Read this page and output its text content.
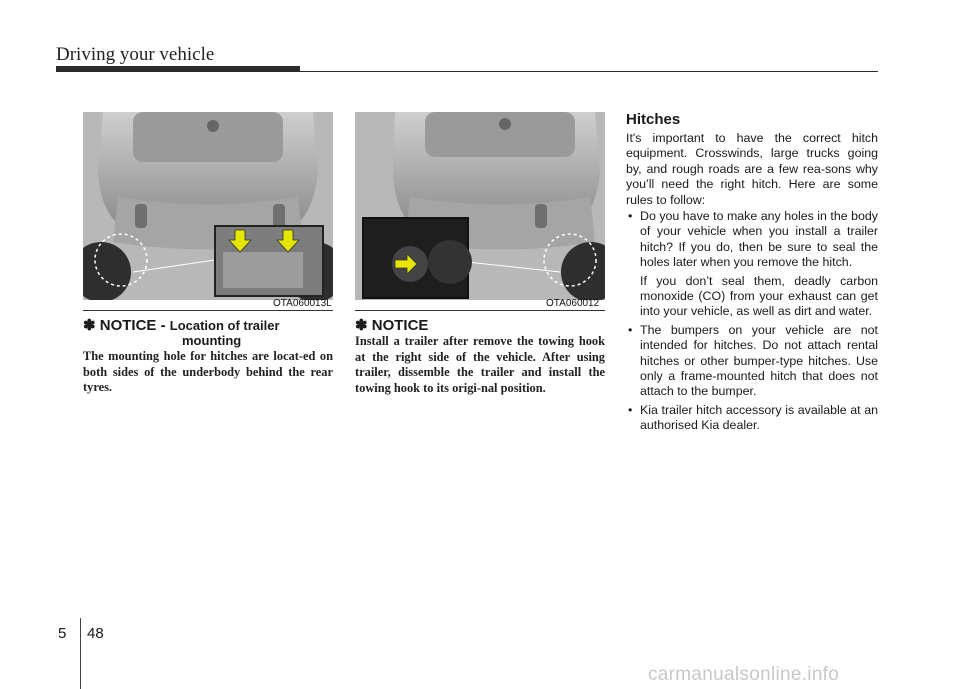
Driving your vehicle
OTA060013L	OTA060012
✽ NOTICE - Location of trailer
mounting
The mounting hole for hitches are locat-ed on both sides of the underbody behind the rear tyres.
✽ NOTICE
Install a trailer after remove the towing hook at the right side of the vehicle. After using trailer, dissemble the trailer and install the towing hook to its origi-nal position.
Hitches
It's important to have the correct hitch equipment. Crosswinds, large trucks going by, and rough roads are a few rea-sons why you’ll need the right hitch. Here are some rules to follow:
• Do you have to make any holes in the body of your vehicle when you install a trailer hitch? If you do, then be sure to seal the holes later when you remove the hitch.
If you don’t seal them, deadly carbon monoxide (CO) from your exhaust can get into your vehicle, as well as dirt and water.
• The bumpers on your vehicle are not intended for hitches. Do not attach rental hitches or other bumper-type hitches. Use only a frame-mounted hitch that does not attach to the bumper.
• Kia trailer hitch accessory is available at an authorised Kia dealer.
5 48
carmanualsonline.info
